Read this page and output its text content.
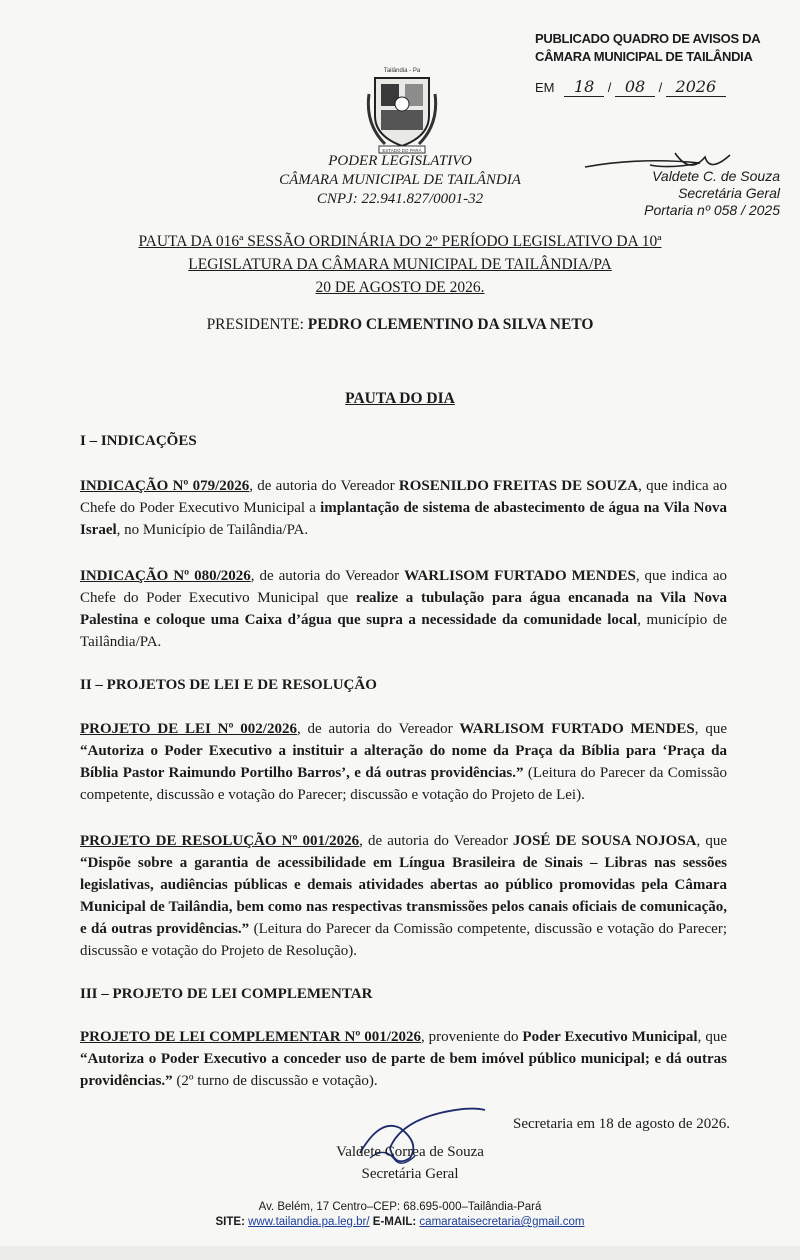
Tailândia - Pa
ESTADO DO PARÁ
PODER LEGISLATIVO
CÂMARA MUNICIPAL DE TAILÂNDIA
CNPJ: 22.941.827/0001-32
PUBLICADO QUADRO DE AVISOS DA
CÂMARA MUNICIPAL DE TAILÂNDIA
EM 18 / 08 / 2026
Valdete C. de Souza
Secretária Geral
Portaria nº 058 / 2025
PAUTA DA 016ª SESSÃO ORDINÁRIA DO 2º PERÍODO LEGISLATIVO DA 10ª
LEGISLATURA DA CÂMARA MUNICIPAL DE TAILÂNDIA/PA
20 DE AGOSTO DE 2026.
PRESIDENTE: PEDRO CLEMENTINO DA SILVA NETO
PAUTA DO DIA
I – INDICAÇÕES
INDICAÇÃO Nº 079/2026, de autoria do Vereador ROSENILDO FREITAS DE SOUZA, que indica ao Chefe do Poder Executivo Municipal a implantação de sistema de abastecimento de água na Vila Nova Israel, no Município de Tailândia/PA.
INDICAÇÃO Nº 080/2026, de autoria do Vereador WARLISOM FURTADO MENDES, que indica ao Chefe do Poder Executivo Municipal que realize a tubulação para água encanada na Vila Nova Palestina e coloque uma Caixa d’água que supra a necessidade da comunidade local, município de Tailândia/PA.
II – PROJETOS DE LEI E DE RESOLUÇÃO
PROJETO DE LEI Nº 002/2026, de autoria do Vereador WARLISOM FURTADO MENDES, que “Autoriza o Poder Executivo a instituir a alteração do nome da Praça da Bíblia para ‘Praça da Bíblia Pastor Raimundo Portilho Barros’, e dá outras providências.” (Leitura do Parecer da Comissão competente, discussão e votação do Parecer; discussão e votação do Projeto de Lei).
PROJETO DE RESOLUÇÃO Nº 001/2026, de autoria do Vereador JOSÉ DE SOUSA NOJOSA, que “Dispõe sobre a garantia de acessibilidade em Língua Brasileira de Sinais – Libras nas sessões legislativas, audiências públicas e demais atividades abertas ao público promovidas pela Câmara Municipal de Tailândia, bem como nas respectivas transmissões pelos canais oficiais de comunicação, e dá outras providências.” (Leitura do Parecer da Comissão competente, discussão e votação do Parecer; discussão e votação do Projeto de Resolução).
III – PROJETO DE LEI COMPLEMENTAR
PROJETO DE LEI COMPLEMENTAR Nº 001/2026, proveniente do Poder Executivo Municipal, que “Autoriza o Poder Executivo a conceder uso de parte de bem imóvel público municipal; e dá outras providências.” (2º turno de discussão e votação).
Secretaria em 18 de agosto de 2026.
Valdete Correa de Souza
Secretária Geral
Av. Belém, 17 Centro–CEP: 68.695-000–Tailândia-Pará
SITE: www.tailandia.pa.leg.br/ E-MAIL: camarataisecretaria@gmail.com
